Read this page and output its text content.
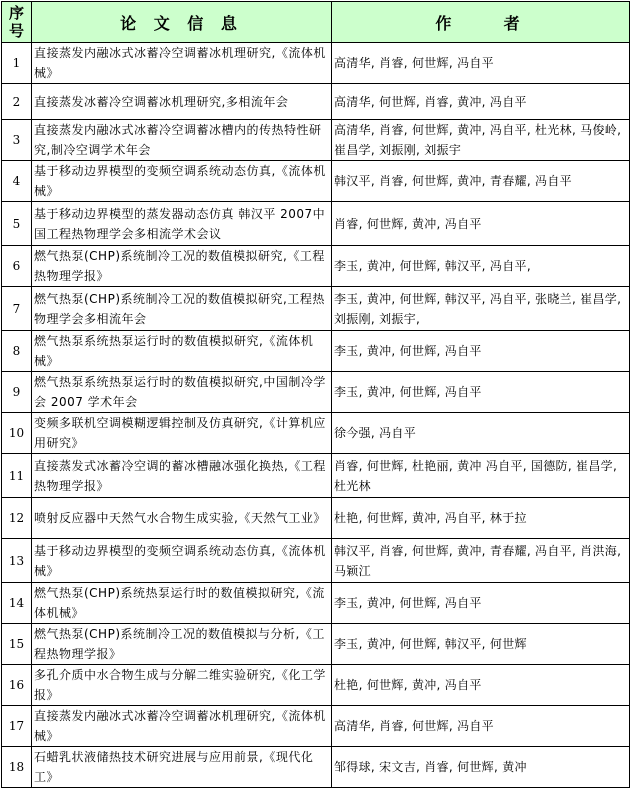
序
号	论 文 信 息	作    者
1	直接蒸发内融冰式冰蓄冷空调蓄冰机理研究,《流体机械》	高清华, 肖睿, 何世辉, 冯自平
2	直接蒸发冰蓄冷空调蓄冰机理研究,多相流年会	高清华, 何世辉, 肖睿, 黄冲, 冯自平
3	直接蒸发内融冰式冰蓄冷空调蓄冰槽内的传热特性研究,制冷空调学术年会	高清华, 肖睿, 何世辉, 黄冲, 冯自平, 杜光林, 马俊岭, 崔昌学, 刘振刚, 刘振宇
4	基于移动边界模型的变频空调系统动态仿真,《流体机械》	韩汉平, 肖睿, 何世辉, 黄冲, 青春耀, 冯自平
5	基于移动边界模型的蒸发器动态仿真 韩汉平 2007中国工程热物理学会多相流学术会议	肖睿, 何世辉, 黄冲, 冯自平
6	燃气热泵(CHP)系统制冷工况的数值模拟研究,《工程热物理学报》	李玉, 黄冲, 何世辉, 韩汉平, 冯自平,
7	燃气热泵(CHP)系统制冷工况的数值模拟研究,工程热物理学会多相流年会	李玉, 黄冲, 何世辉, 韩汉平, 冯自平, 张晓兰, 崔昌学, 刘振刚, 刘振宇,
8	燃气热泵系统热泵运行时的数值模拟研究,《流体机械》	李玉, 黄冲, 何世辉, 冯自平
9	燃气热泵系统热泵运行时的数值模拟研究,中国制冷学会 2007 学术年会	李玉, 黄冲, 何世辉, 冯自平
10	变频多联机空调模糊逻辑控制及仿真研究,《计算机应用研究》	徐今强, 冯自平
11	直接蒸发式冰蓄冷空调的蓄冰槽融冰强化换热,《工程热物理学报》	肖睿, 何世辉, 杜艳丽, 黄冲 冯自平, 国德防, 崔昌学, 杜光林
12	喷射反应器中天然气水合物生成实验,《天然气工业》	杜艳, 何世辉, 黄冲, 冯自平, 林于拉
13	基于移动边界模型的变频空调系统动态仿真,《流体机械》	韩汉平, 肖睿, 何世辉, 黄冲, 青春耀, 冯自平, 肖洪海, 马颖江
14	燃气热泵(CHP)系统热泵运行时的数值模拟研究,《流体机械》	李玉, 黄冲, 何世辉, 冯自平
15	燃气热泵(CHP)系统制冷工况的数值模拟与分析,《工程热物理学报》	李玉, 黄冲, 何世辉, 韩汉平, 何世辉
16	多孔介质中水合物生成与分解二维实验研究,《化工学报》	杜艳, 何世辉, 黄冲, 冯自平
17	直接蒸发内融冰式冰蓄冷空调蓄冰机理研究,《流体机械》	高清华, 肖睿, 何世辉, 冯自平
18	石蜡乳状液储热技术研究进展与应用前景,《现代化工》	邹得球, 宋文吉, 肖睿, 何世辉, 黄冲
